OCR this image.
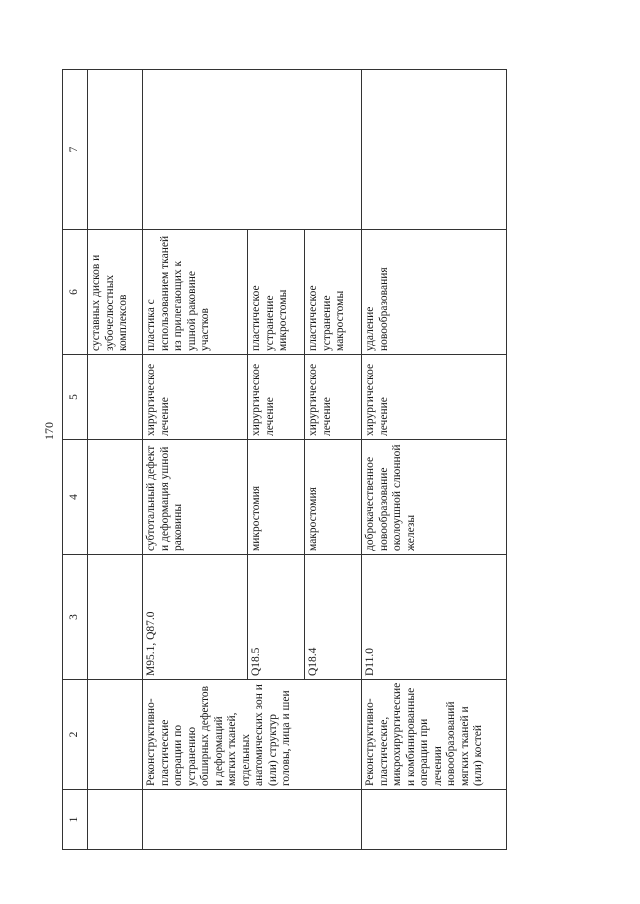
170
1	2	3	4	5	6	7
					суставных дисков и зубочелюстных комплексов	
	Реконструктивно-пластические операции по устранению обширных дефектов и деформаций мягких тканей, отдельных анатомических зон и (или) структур головы, лица и шеи	M95.1, Q87.0	субтотальный дефект и деформация ушной раковины	хирургическое лечение	пластика с использованием тканей из прилегающих к ушной раковине участков	
		Q18.5	микростомия	хирургическое лечение	пластическое устранение микростомы	
		Q18.4	макростомия	хирургическое лечение	пластическое устранение макростомы	
	Реконструктивно-пластические, микрохирургические и комбинированные операции при лечении новообразований мягких тканей и (или) костей	D11.0	доброкачественное новообразование околоушной слюнной железы	хирургическое лечение	удаление новообразования	
